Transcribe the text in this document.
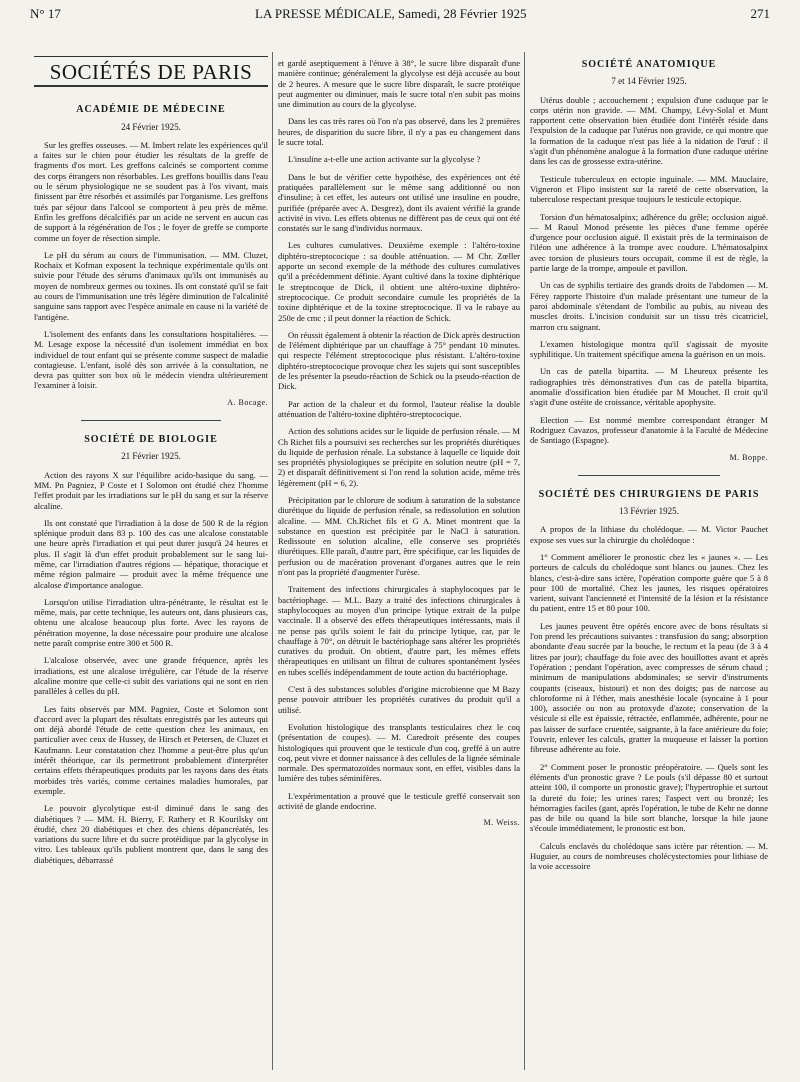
N° 17	LA PRESSE MÉDICALE, Samedi, 28 Février 1925	271
SOCIÉTÉS DE PARIS
ACADÉMIE DE MÉDECINE
24 Février 1925.

Sur les greffes osseuses. — M. Imbert relate les expériences qu'il a faites sur le chien pour étudier les résultats de la greffe de fragments d'os mort. Les greffons calcinés se comportent comme des corps étrangers non résorbables. Les greffons bouillis dans l'eau ou le sérum physiologique ne se soudent pas à l'os vivant, mais finissent par être résorbés et assimilés par l'organisme. Les greffons tués par séjour dans l'alcool se comportent à peu près de même. Enfin les greffons décalcifiés par un acide ne servent en aucun cas de support à la régénération de l'os ; le foyer de greffe se comporte comme un foyer de résection simple.

Le pH du sérum au cours de l'immunisation. — MM. Cluzet, Rochaix et Kofman exposent la technique expérimentale qu'ils ont suivie pour l'étude des sérums d'animaux qu'ils ont immunisés au moyen de nombreux germes ou toxines. Ils ont constaté qu'il se fait au cours de l'immunisation une très légère diminution de l'alcalinité sanguine sans rapport avec l'espèce animale en cause ni la variété de l'antigène.

L'isolement des enfants dans les consultations hospitalières. — M. Lesage expose la nécessité d'un isolement immédiat en box individuel de tout enfant qui se présente comme suspect de maladie contagieuse. L'enfant, isolé dès son arrivée à la consultation, ne devra pas quitter son box où le médecin viendra ultérieurement l'examiner à loisir.

A. Bocage.
SOCIÉTÉ DE BIOLOGIE
21 Février 1925.

Action des rayons X sur l'équilibre acido-basique du sang. — MM. Pn Pagniez, P Coste et I Solomon ont étudié chez l'homme l'effet produit par les irradiations sur le pH du sang et sur la réserve alcaline.

Ils ont constaté que l'irradiation à la dose de 500 R de la région splénique produit dans 83 p. 100 des cas une alcalose constatable une heure après l'irradiation et qui peut durer jusqu'à 24 heures et plus. Il s'agit là d'un effet produit probablement sur le sang lui-même, car l'irradiation d'autres régions — hépatique, thoracique et même région palmaire — produit avec la même fréquence une alcalose d'importance analogue.

Lorsqu'on utilise l'irradiation ultra-pénétrante, le résultat est le même, mais, par cette technique, les auteurs ont, dans plusieurs cas, obtenu une alcalose beaucoup plus forte. Avec les rayons de pénétration moyenne, la dose nécessaire pour produire une alcalose nette paraît comprise entre 300 et 500 R.

L'alcalose observée, avec une grande fréquence, après les irradiations, est une alcalose irrégulière, car l'étude de la réserve alcaline montre que celle-ci subit des variations qui ne sont en rien parallèles à celles du pH.

Les faits observés par MM. Pagniez, Coste et Solomon sont d'accord avec la plupart des résultats enregistrés par les auteurs qui ont déjà abordé l'étude de cette question chez les animaux, en particulier avec ceux de Hussey, de Hirsch et Petersen, de Cluzet et Kaufmann. Leur constatation chez l'homme a peut-être plus qu'un intérêt théorique, car ils permettront probablement d'interpréter certains effets thérapeutiques produits par les rayons dans des états morbides très variés, comme certaines maladies humorales, par exemple.

Le pouvoir glycolytique est-il diminué dans le sang des diabétiques ? — MM. H. Bierry, F. Rathery et R Kourilsky ont étudié, chez 20 diabétiques et chez des chiens dépancréatés, les variations du sucre libre et du sucre protéidique par la glycolyse in vitro. Les tableaux qu'ils publient montrent que, dans le sang des diabétiques, débarrassé

et gardé aseptiquement à l'étuve à 38°, le sucre libre disparaît d'une manière continue; généralement la glycolyse est déjà accusée au bout de 2 heures. A mesure que le sucre libre disparaît, le sucre protéique peut augmenter ou diminuer, mais le sucre total n'en subit pas moins une diminution au cours de la glycolyse.

Dans les cas très rares où l'on n'a pas observé, dans les 2 premières heures, de disparition du sucre libre, il n'y a pas eu changement dans le sucre total.

L'insuline a-t-elle une action activante sur la glycolyse ?

Dans le but de vérifier cette hypothèse, des expériences ont été pratiquées parallèlement sur le même sang additionné ou non d'insuline; à cet effet, les auteurs ont utilisé une insuline en poudre, purifiée (préparée avec A. Desgrez), dont ils avaient vérifié la grande activité in vivo. Les effets obtenus ne diffèrent pas de ceux qui ont été constatés sur le sang d'individus normaux.

Les cultures cumulatives. Deuxième exemple : l'altéro-toxine diphtéro-streptococique : sa double atténuation. — M Chr. Zœller apporte un second exemple de la méthode des cultures cumulatives qu'il a précédemment définie. Ayant cultivé dans la toxine diphtérique le streptocoque de Dick, il obtient une altéro-toxine diphtéro-streptococique. Ce produit secondaire cumule les propriétés de la toxine diphtérique et de la toxine streptococique. Il va le rabaye au 250e de cmc ; il peut donner la réaction de Schick.

On réussit également à obtenir la réaction de Dick après destruction de l'élément diphtérique par un chauffage à 75° pendant 10 minutes. qui respecte l'élément streptococique plus résistant. L'altéro-toxine diphtéro-streptococique provoque chez les sujets qui sont susceptibles de les présenter la pseudo-réaction de Schick ou la pseudo-réaction de Dick.

Par action de la chaleur et du formol, l'auteur réalise la double atténuation de l'altéro-toxine diphtéro-streptococique.

Action des solutions acides sur le liquide de perfusion rénale. — M Ch Richet fils a poursuivi ses recherches sur les propriétés diurétiques du liquide de perfusion rénale. La substance à laquelle ce liquide doit ses propriétés physiologiques se précipite en solution neutre (pH = 7, 2) et disparaît définitivement si l'on rend la solution acide, même très légèrement (pH = 6, 2).

Précipitation par le chlorure de sodium à saturation de la substance diurétique du liquide de perfusion rénale, sa redissolution en solution alcaline. — MM. Ch.Richet fils et G A. Minet montrent que la substance en question est précipitée par le NaCl à saturation. Redissoute en solution alcaline, elle conserve ses propriétés diurétiques. Elle paraît, d'autre part, être spécifique, car les liquides de perfusion ou de macération provenant d'organes autres que le rein n'ont pas la propriété d'augmenter l'urèse.

Traitement des infections chirurgicales à staphylocoques par le bactériophage. — M.L. Bazy a traité des infections chirurgicales à staphylocoques au moyen d'un principe lytique extrait de la pulpe vaccinale. Il a observé des effets thérapeutiques intéressants, mais il ne pense pas qu'ils soient le fait du principe lytique, car, par le chauffage à 70°, on détruit le bactériophage sans altérer les propriétés curatives du produit. On obtient, d'autre part, les mêmes effets thérapeutiques en utilisant un filtrat de cultures spontanément lysées en tubes scellés indépendamment de toute action du bactériophage.

C'est à des substances solubles d'origine microbienne que M Bazy pense pouvoir attribuer les propriétés curatives du produit qu'il a utilisé.

Evolution histologique des transplants testiculaires chez le coq (présentation de coupes). — M. Caredroit présente des coupes histologiques qui prouvent que le testicule d'un coq, greffé à un autre coq, peut vivre et donner naissance à des cellules de la lignée séminale normale. Des spermatozoïdes normaux sont, en effet, visibles dans la lumière des tubes séminifères.

L'expérimentation a prouvé que le testicule greffé conservait son activité de glande endocrine.

M. Weiss.
SOCIÉTÉ ANATOMIQUE
7 et 14 Février 1925.

Utérus double ; accouchement ; expulsion d'une caduque par le corps utérin non gravide. — MM. Champy, Lévy-Solal et Munt rapportent cette observation bien étudiée dont l'intérêt réside dans l'expulsion de la caduque par l'utérus non gravide, ce qui montre que la formation de la caduque n'est pas liée à la nidation de l'œuf : il s'agit d'un phénomène analogue à la formation d'une caduque utérine dans les cas de grossesse extra-utérine.

Testicule tuberculeux en ectopie inguinale. — MM. Mauclaire, Vigneron et Flipo insistent sur la rareté de cette observation, la tuberculose respectant presque toujours le testicule ectopique.

Torsion d'un hématosalpinx; adhérence du grêle; occlusion aiguë. — M Raoul Monod présente les pièces d'une femme opérée d'urgence pour occlusion aiguë. Il existait près de la terminaison de l'iléon une adhérence à la trompe avec coudure. L'hématosalpinx avec torsion de plusieurs tours occupait, comme il est de règle, la partie large de la trompe, ampoule et pavillon.

Un cas de syphilis tertiaire des grands droits de l'abdomen — M. Férey rapporte l'histoire d'un malade présentant une tumeur de la paroi abdominale s'étendant de l'ombilic au pubis, au niveau des muscles droits. L'incision conduisit sur un tissu très cicatriciel, marron cru saignant.

L'examen histologique montra qu'il s'agissait de myosite syphilitique. Un traitement spécifique amena la guérison en un mois.

Un cas de patella bipartita. — M Lheureux présente les radiographies très démonstratives d'un cas de patella bipartita, anomalie d'ossification bien étudiée par M Mouchet. Il croit qu'il s'agit d'une ostéite de croissance, véritable apophysite.

Election — Est nommé membre correspondant étranger M Rodriguez Cavazos, professeur d'anatomie à la Faculté de Médecine de Santiago (Espagne).

M. Boppe.
SOCIÉTÉ DES CHIRURGIENS DE PARIS
13 Février 1925.

A propos de la lithiase du cholédoque. — M. Victor Pauchet expose ses vues sur la chirurgie du cholédoque :

1° Comment améliorer le pronostic chez les « jaunes ». — Les porteurs de calculs du cholédoque sont blancs ou jaunes. Chez les blancs, c'est-à-dire sans ictère, l'opération comporte guère que 5 à 8 pour 100 de mortalité. Chez les jaunes, les risques opératoires varient, suivant l'ancienneté et l'intensité de la lésion et la résistance du patient, entre 15 et 80 pour 100.

Les jaunes peuvent être opérés encore avec de bons résultats si l'on prend les précautions suivantes : transfusion du sang; absorption abondante d'eau sucrée par la bouche, le rectum et la peau (de 3 à 4 litres par jour); chauffage du foie avec des bouillottes avant et après l'opération ; pendant l'opération, avec compresses de sérum chaud ; minimum de manipulations abdominales; se servir d'instruments coupants (ciseaux, bistouri) et non des doigts; pas de narcose au chloroforme ni à l'éther, mais anesthésie locale (syncaine à 1 pour 100), associée ou non au protoxyde d'azote; conservation de la vésicule si elle est épaissie, rétractée, enflammée, adhérente, pour ne pas laisser de surface cruentée, saignante, à la face antérieure du foie; l'ouvrir, enlever les calculs, gratter la muqueuse et laisser la portion fibreuse adhérente au foie.

2° Comment poser le pronostic préopératoire. — Quels sont les éléments d'un pronostic grave ? Le pouls (s'il dépasse 80 et surtout atteint 100, il comporte un pronostic grave); l'hypertrophie et surtout la dureté du foie; les urines rares; l'aspect vert ou bronzé; les hémorragies faciles (gant, après l'opération, le tube de Kehr ne donne pas de bile ou quand la bile sort blanche, lorsque la bile jaune s'écoule immédiatement, le pronostic est bon.

Calculs enclavés du cholédoque sans ictère par rétention. — M. Huguier, au cours de nombreuses cholécystectomies pour lithiase de la voie accessoire
